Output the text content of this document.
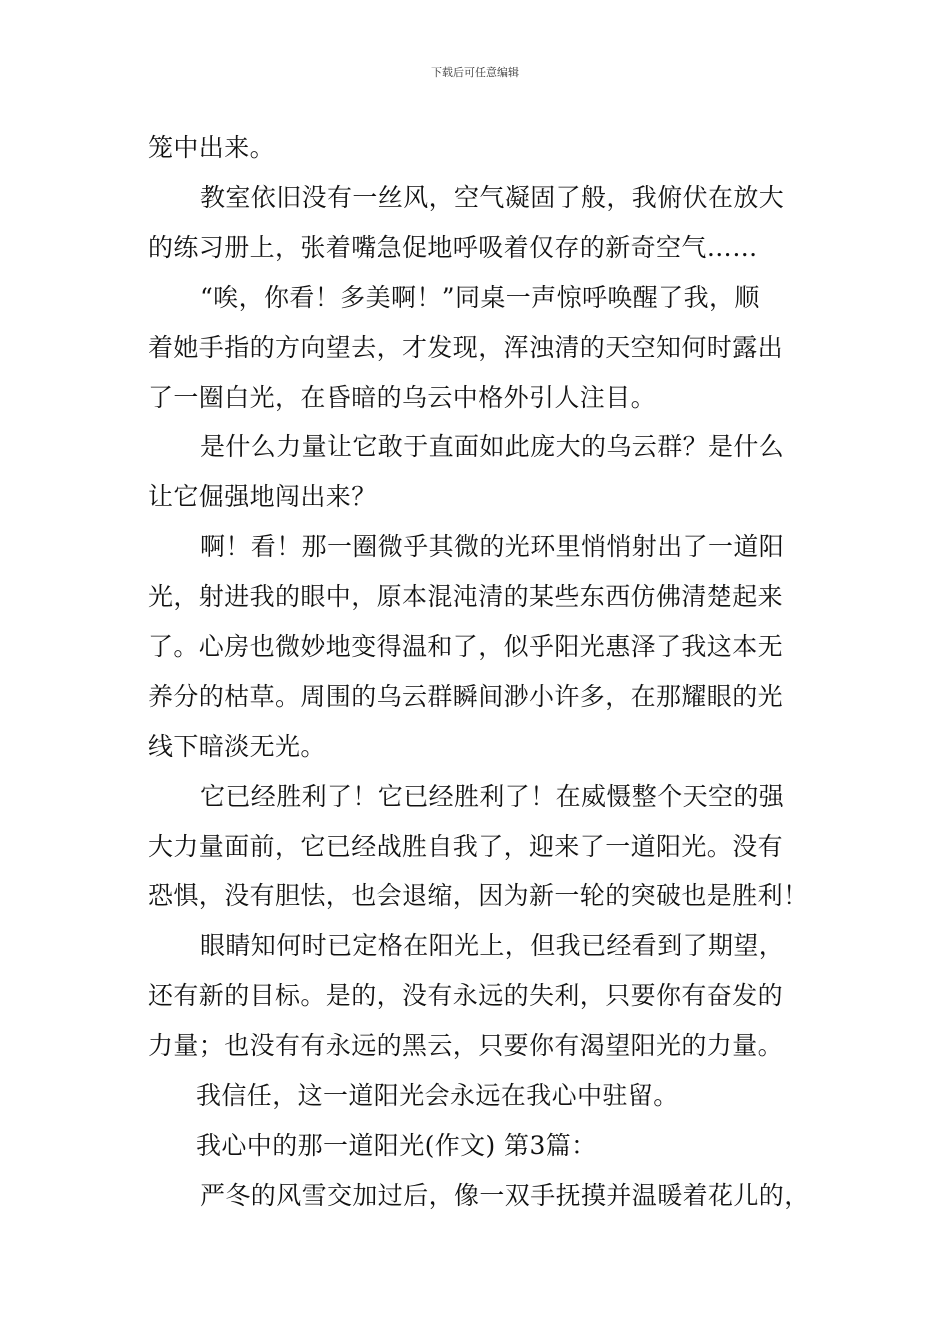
下载后可任意编辑
笼中出来。
教室依旧没有一丝风，空气凝固了般，我俯伏在放大
的练习册上，张着嘴急促地呼吸着仅存的新奇空气……
“唉，你看！多美啊！”同桌一声惊呼唤醒了我，顺
着她手指的方向望去，才发现，浑浊清的天空知何时露出
了一圈白光，在昏暗的乌云中格外引人注目。
是什么力量让它敢于直面如此庞大的乌云群？是什么
让它倔强地闯出来？
啊！看！那一圈微乎其微的光环里悄悄射出了一道阳
光，射进我的眼中，原本混沌清的某些东西仿佛清楚起来
了。心房也微妙地变得温和了，似乎阳光惠泽了我这本无
养分的枯草。周围的乌云群瞬间渺小许多，在那耀眼的光
线下暗淡无光。
它已经胜利了！它已经胜利了！在威慑整个天空的强
大力量面前，它已经战胜自我了，迎来了一道阳光。没有
恐惧，没有胆怯，也会退缩，因为新一轮的突破也是胜利！
眼睛知何时已定格在阳光上，但我已经看到了期望，
还有新的目标。是的，没有永远的失利，只要你有奋发的
力量；也没有有永远的黑云，只要你有渴望阳光的力量。
我信任，这一道阳光会永远在我心中驻留。
我心中的那一道阳光(作文) 第3篇：
严冬的风雪交加过后，像一双手抚摸并温暖着花儿的，
